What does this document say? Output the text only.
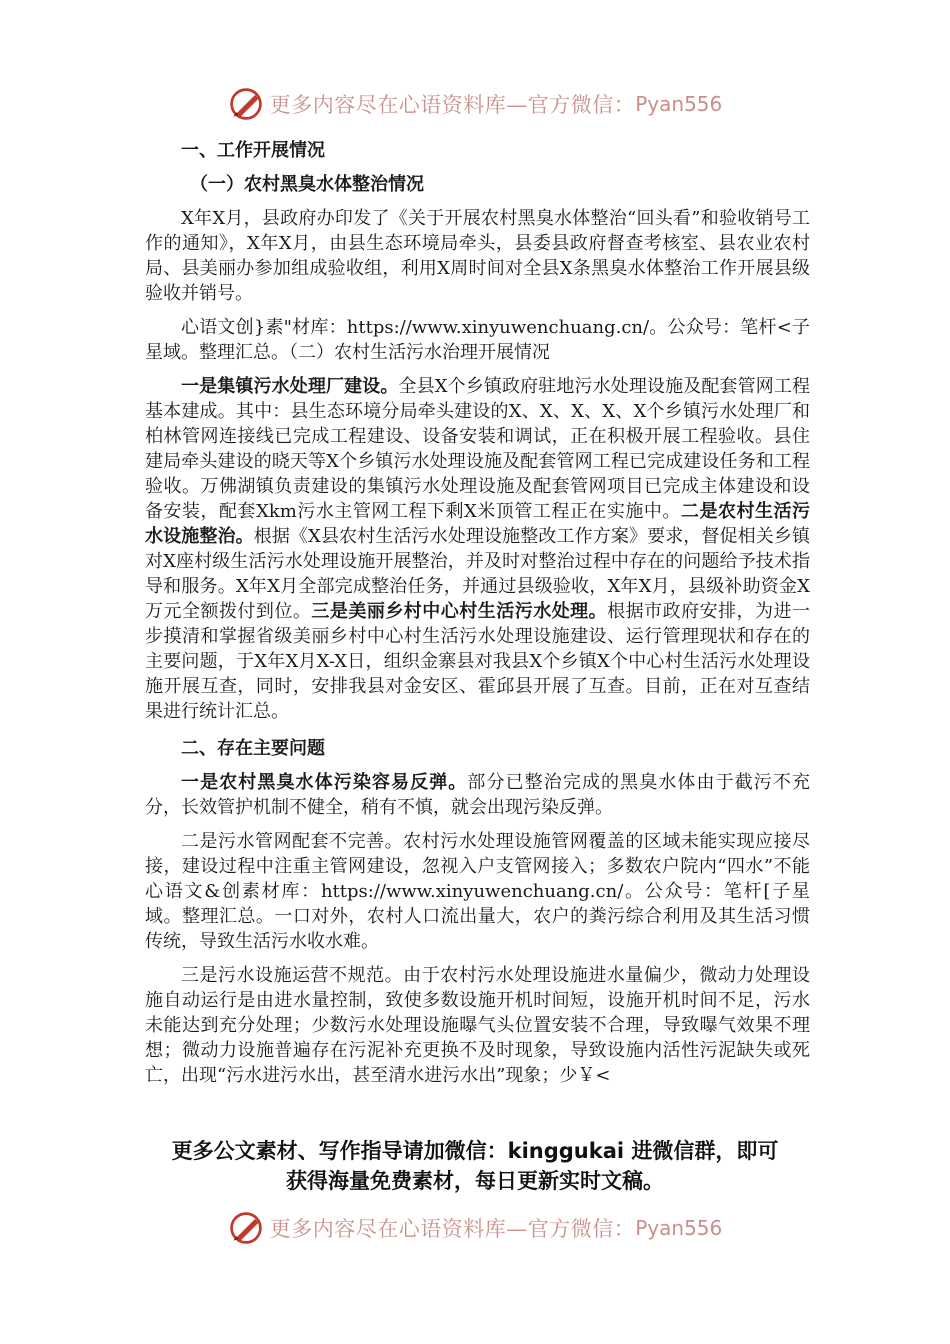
更多内容尽在心语资料库—官方微信： Pyan556
一、工作开展情况
（一）农村黑臭水体整治情况

X年X月，县政府办印发了《关于开展农村黑臭水体整治“回头看”和验收销号工作的通知》，X年X月，由县生态环境局牵头，县委县政府督查考核室、县农业农村局、县美丽办参加组成验收组，利用X周时间对全县X条黑臭水体整治工作开展县级验收并销号。

心语文创}素"材库：https://www.xinyuwenchuang.cn/。公众号：笔杆<子星域。整理汇总。（二）农村生活污水治理开展情况

一是集镇污水处理厂建设。全县X个乡镇政府驻地污水处理设施及配套管网工程基本建成。其中：县生态环境分局牵头建设的X、X、X、X、X个乡镇污水处理厂和柏林管网连接线已完成工程建设、设备安装和调试，正在积极开展工程验收。县住建局牵头建设的晓天等X个乡镇污水处理设施及配套管网工程已完成建设任务和工程验收。万佛湖镇负责建设的集镇污水处理设施及配套管网项目已完成主体建设和设备安装，配套Xkm污水主管网工程下剩X米顶管工程正在实施中。二是农村生活污水设施整治。根据《X县农村生活污水处理设施整改工作方案》要求，督促相关乡镇对X座村级生活污水处理设施开展整治，并及时对整治过程中存在的问题给予技术指导和服务。X年X月全部完成整治任务，并通过县级验收，X年X月，县级补助资金X万元全额拨付到位。三是美丽乡村中心村生活污水处理。根据市政府安排，为进一步摸清和掌握省级美丽乡村中心村生活污水处理设施建设、运行管理现状和存在的主要问题，于X年X月X-X日，组织金寨县对我县X个乡镇X个中心村生活污水处理设施开展互查，同时，安排我县对金安区、霍邱县开展了互查。目前，正在对互查结果进行统计汇总。

二、存在主要问题

一是农村黑臭水体污染容易反弹。部分已整治完成的黑臭水体由于截污不充分，长效管护机制不健全，稍有不慎，就会出现污染反弹。

二是污水管网配套不完善。农村污水处理设施管网覆盖的区域未能实现应接尽接，建设过程中注重主管网建设，忽视入户支管网接入；多数农户院内“四水”不能心语文&创素材库：https://www.xinyuwenchuang.cn/。公众号：笔杆[子星域。整理汇总。一口对外，农村人口流出量大，农户的粪污综合利用及其生活习惯传统，导致生活污水收水难。

三是污水设施运营不规范。由于农村污水处理设施进水量偏少，微动力处理设施自动运行是由进水量控制，致使多数设施开机时间短，设施开机时间不足，污水未能达到充分处理；少数污水处理设施曝气头位置安装不合理，导致曝气效果不理想；微动力设施普遍存在污泥补充更换不及时现象，导致设施内活性污泥缺失或死亡，出现“污水进污水出，甚至清水进污水出”现象；少￥<

更多公文素材、写作指导请加微信：kinggukai 进微信群，即可
获得海量免费素材，每日更新实时文稿。
更多内容尽在心语资料库—官方微信： Pyan556
